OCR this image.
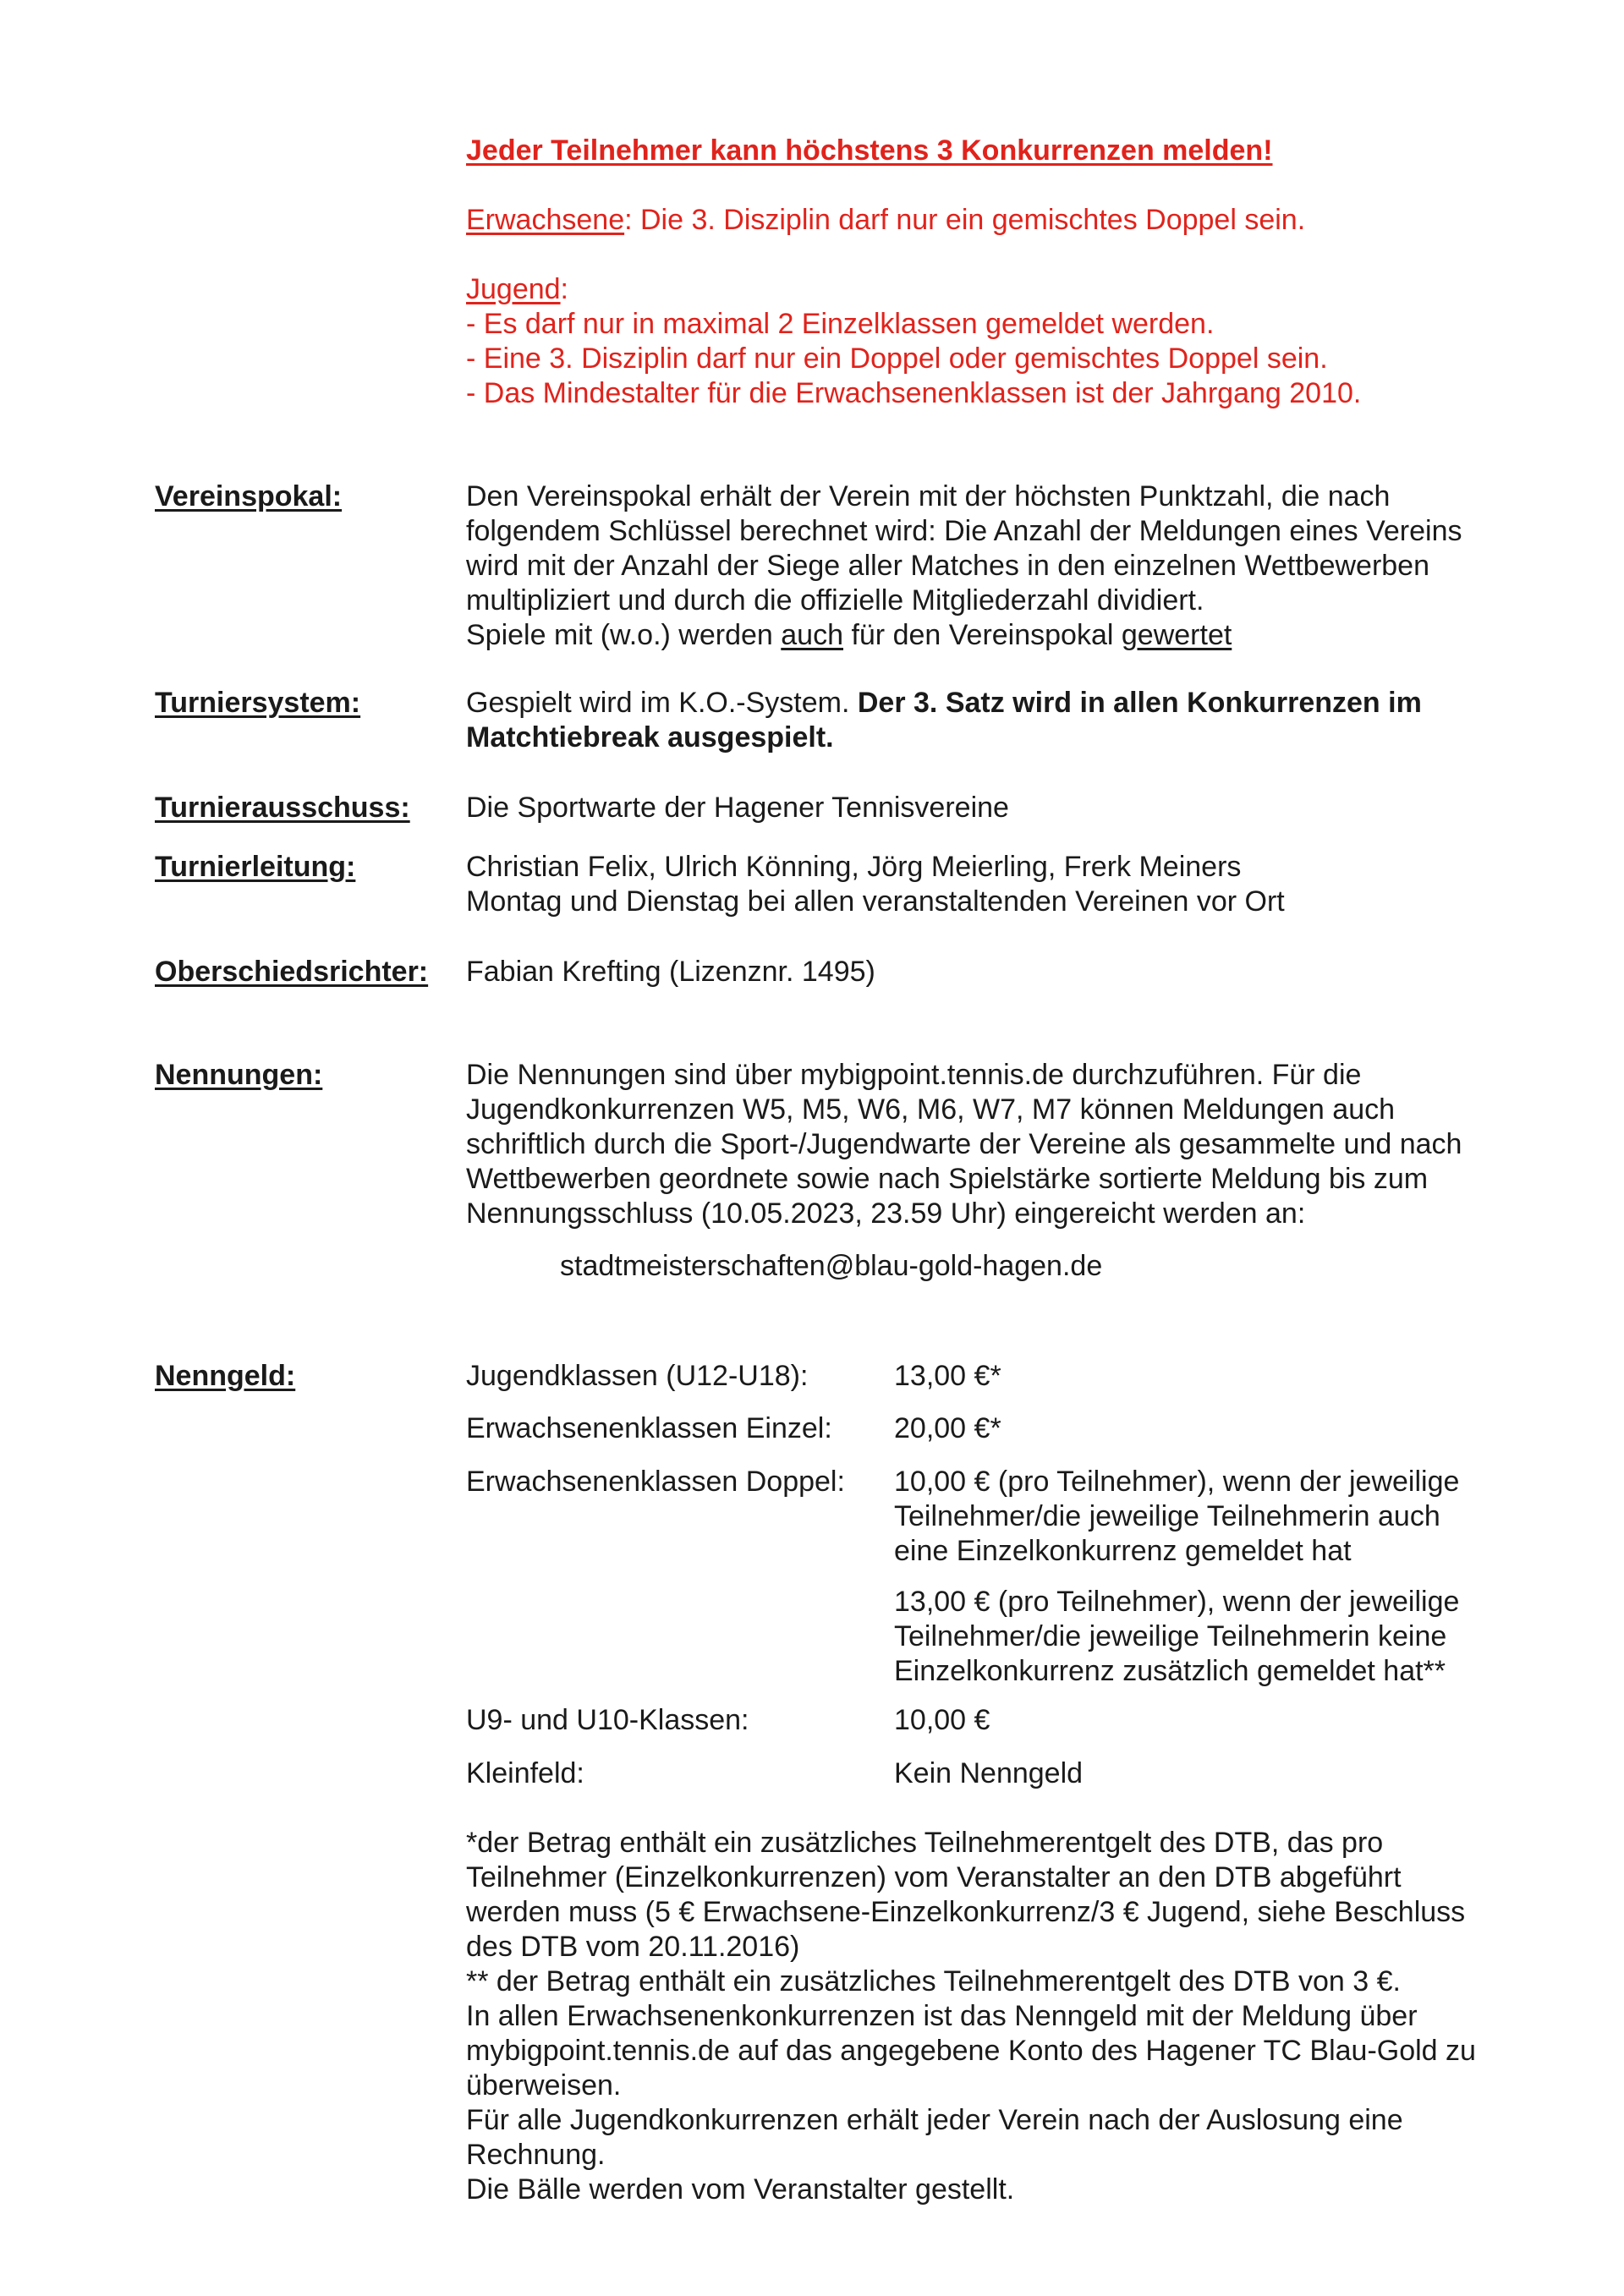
Jeder Teilnehmer kann höchstens 3 Konkurrenzen melden!
Erwachsene: Die 3. Disziplin darf nur ein gemischtes Doppel sein.
Jugend:
- Es darf nur in maximal 2 Einzelklassen gemeldet werden.
- Eine 3. Disziplin darf nur ein Doppel oder gemischtes Doppel sein.
- Das Mindestalter für die Erwachsenenklassen ist der Jahrgang 2010.
Vereinspokal:	Den Vereinspokal erhält der Verein mit der höchsten Punktzahl, die nach
folgendem Schlüssel berechnet wird: Die Anzahl der Meldungen eines Vereins
wird mit der Anzahl der Siege aller Matches in den einzelnen Wettbewerben
multipliziert und durch die offizielle Mitgliederzahl dividiert.
Spiele mit (w.o.) werden auch für den Vereinspokal gewertet
Turniersystem:	Gespielt wird im K.O.-System. Der 3. Satz wird in allen Konkurrenzen im
Matchtiebreak ausgespielt.
Turnierausschuss: Die Sportwarte der Hagener Tennisvereine
Turnierleitung:	Christian Felix, Ulrich Könning, Jörg Meierling, Frerk Meiners
Montag und Dienstag bei allen veranstaltenden Vereinen vor Ort
Oberschiedsrichter: Fabian Krefting (Lizenznr. 1495)
Nennungen:	Die Nennungen sind über mybigpoint.tennis.de durchzuführen. Für die
Jugendkonkurrenzen W5, M5, W6, M6, W7, M7 können Meldungen auch
schriftlich durch die Sport-/Jugendwarte der Vereine als gesammelte und nach
Wettbewerben geordnete sowie nach Spielstärke sortierte Meldung bis zum
Nennungsschluss (10.05.2023, 23.59 Uhr) eingereicht werden an:
stadtmeisterschaften@blau-gold-hagen.de
Nenngeld:	Jugendklassen (U12-U18):	13,00 €*
Erwachsenenklassen Einzel: 20,00 €*
Erwachsenenklassen Doppel: 10,00 € (pro Teilnehmer), wenn der jeweilige
Teilnehmer/die jeweilige Teilnehmerin auch
eine Einzelkonkurrenz gemeldet hat
13,00 € (pro Teilnehmer), wenn der jeweilige
Teilnehmer/die jeweilige Teilnehmerin keine
Einzelkonkurrenz zusätzlich gemeldet hat**
U9- und U10-Klassen:	10,00 €
Kleinfeld:	Kein Nenngeld
*der Betrag enthält ein zusätzliches Teilnehmerentgelt des DTB, das pro
Teilnehmer (Einzelkonkurrenzen) vom Veranstalter an den DTB abgeführt
werden muss (5 € Erwachsene-Einzelkonkurrenz/3 € Jugend, siehe Beschluss
des DTB vom 20.11.2016)
** der Betrag enthält ein zusätzliches Teilnehmerentgelt des DTB von 3 €.
In allen Erwachsenenkonkurrenzen ist das Nenngeld mit der Meldung über
mybigpoint.tennis.de auf das angegebene Konto des Hagener TC Blau-Gold zu
überweisen.
Für alle Jugendkonkurrenzen erhält jeder Verein nach der Auslosung eine
Rechnung.
Die Bälle werden vom Veranstalter gestellt.
